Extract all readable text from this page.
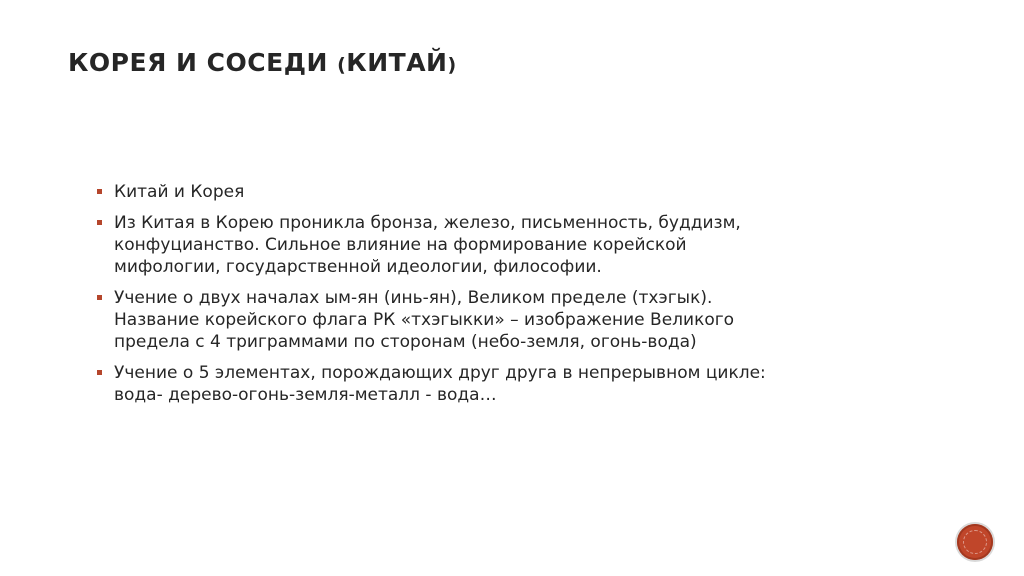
КОРЕЯ И СОСЕДИ (КИТАЙ)
Китай и Корея
Из Китая в Корею проникла бронза, железо, письменность, буддизм,
конфуцианство. Сильное влияние на формирование корейской
мифологии, государственной идеологии, философии.
Учение о двух началах ым-ян (инь-ян), Великом пределе (тхэгык).
Название корейского флага РК «тхэгыкки» – изображение Великого
предела с 4 триграммами по сторонам (небо-земля, огонь-вода)
Учение о 5 элементах, порождающих друг друга в непрерывном цикле:
вода- дерево-огонь-земля-металл - вода…
